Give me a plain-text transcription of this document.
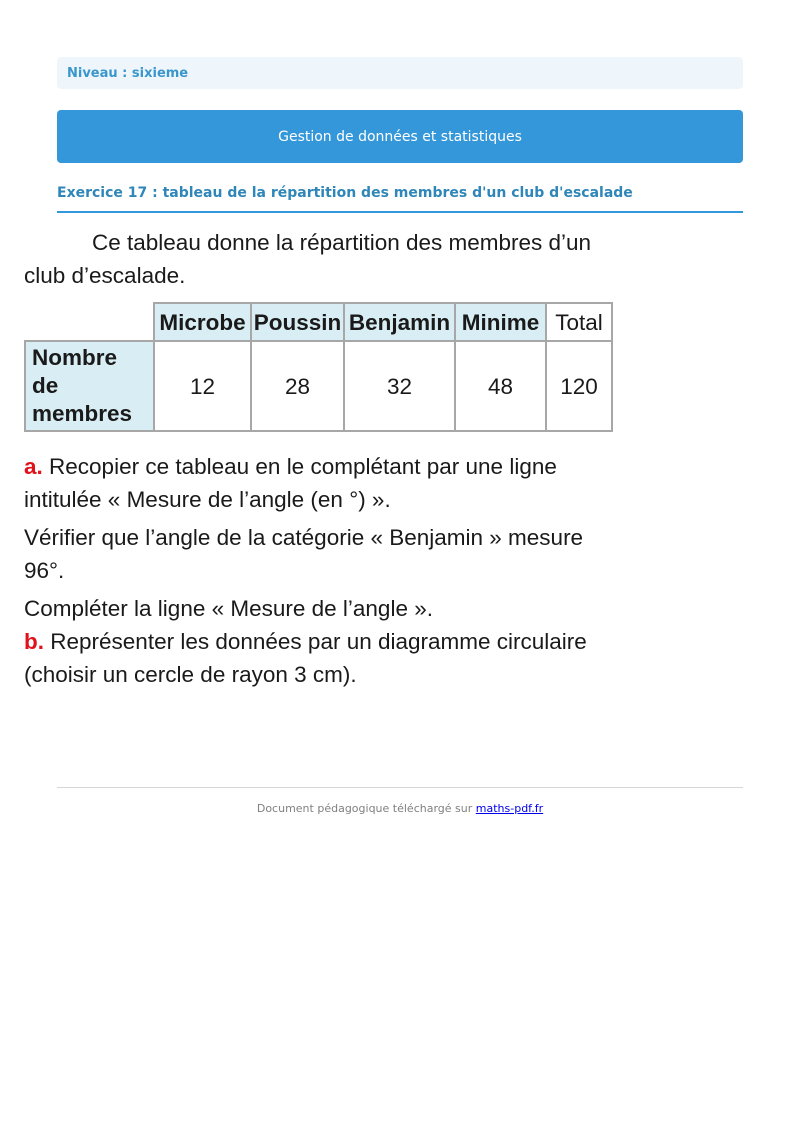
Niveau : sixieme
Gestion de données et statistiques
Exercice 17 : tableau de la répartition des membres d'un club d'escalade

Ce tableau donne la répartition des membres d’un club d’escalade.

	Microbe	Poussin	Benjamin	Minime	Total
Nombre de membres	12	28	32	48	120

a. Recopier ce tableau en le complétant par une ligne intitulée « Mesure de l’angle (en °) ».

Vérifier que l’angle de la catégorie « Benjamin » mesure 96°.

Compléter la ligne « Mesure de l’angle ».

b. Représenter les données par un diagramme circulaire (choisir un cercle de rayon 3 cm).

Document pédagogique téléchargé sur maths-pdf.fr
